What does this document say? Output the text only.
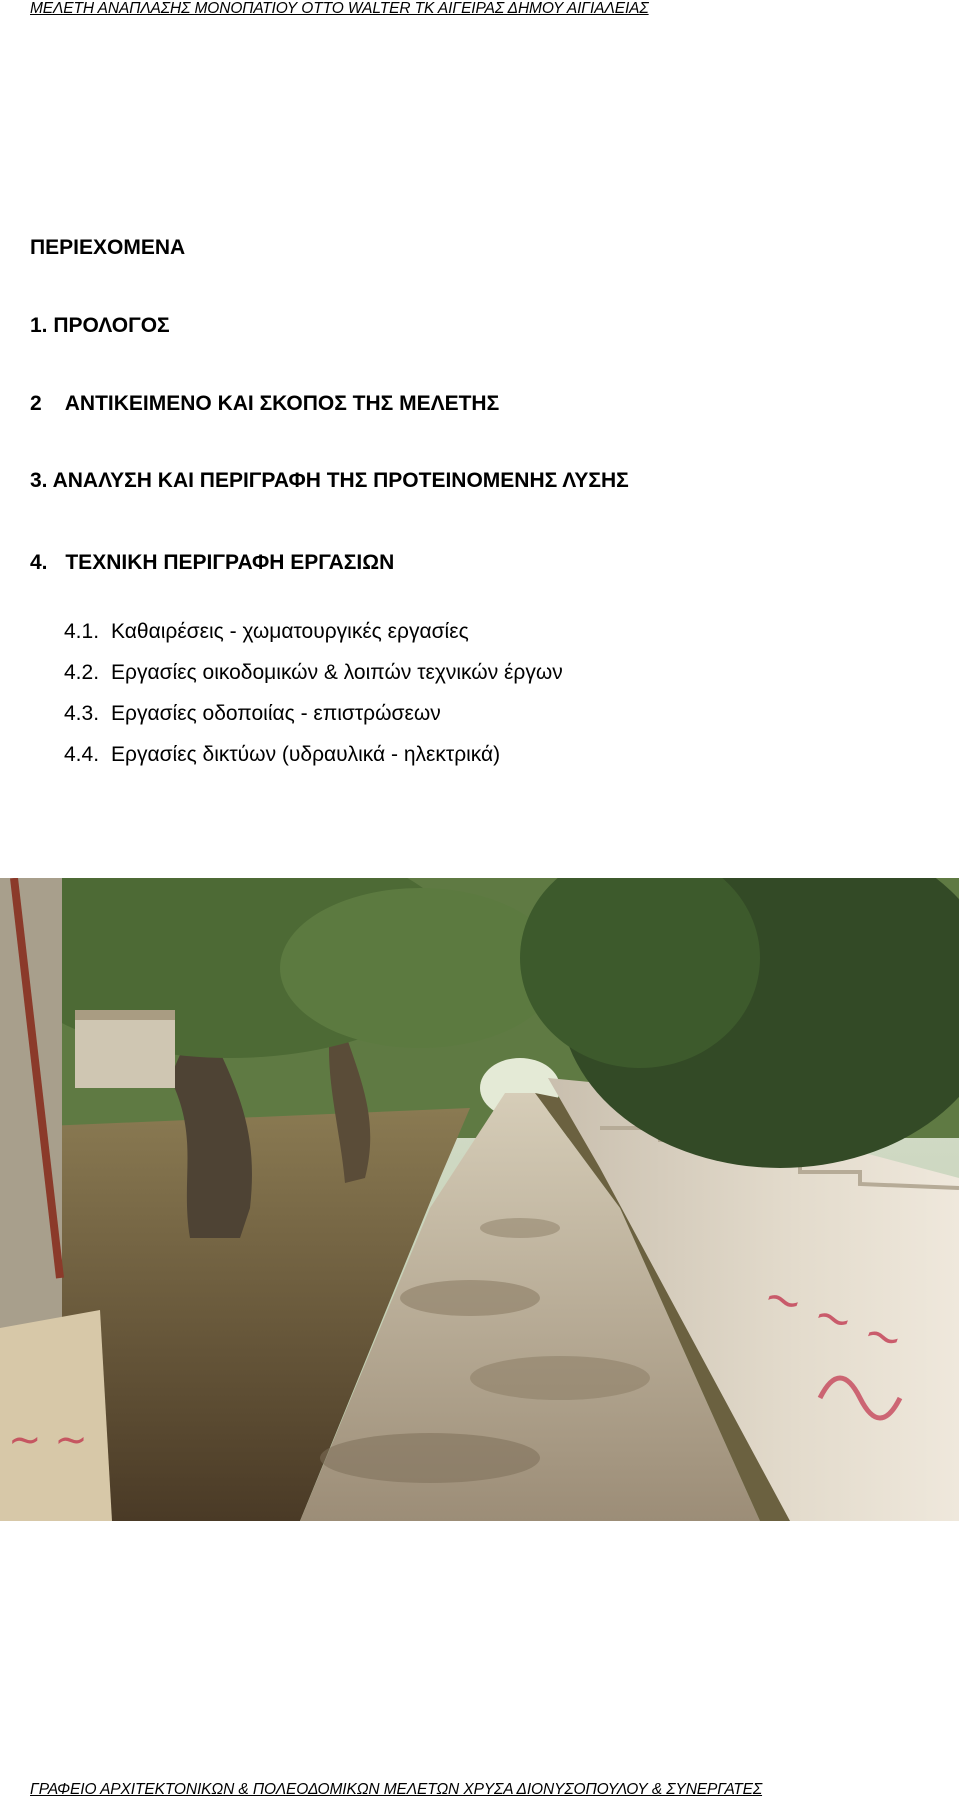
ΜΕΛΕΤΗ ΑΝΑΠΛΑΣΗΣ ΜΟΝΟΠΑΤΙΟΥ OTTO WALTER ΤΚ ΑΙΓΕΙΡΑΣ ΔΗΜΟΥ ΑΙΓΙΑΛΕΙΑΣ
ΠΕΡΙΕΧΟΜΕΝΑ
1. ΠΡΟΛΟΓΟΣ
2 ΑΝΤΙΚΕΙΜΕΝΟ ΚΑΙ ΣΚΟΠΟΣ ΤΗΣ ΜΕΛΕΤΗΣ
3. ΑΝΑΛΥΣΗ ΚΑΙ ΠΕΡΙΓΡΑΦΗ ΤΗΣ ΠΡΟΤΕΙΝΟΜΕΝΗΣ ΛΥΣΗΣ
4. ΤΕΧΝΙΚΗ ΠΕΡΙΓΡΑΦΗ ΕΡΓΑΣΙΩΝ
4.1. Καθαιρέσεις - χωματουργικές εργασίες
4.2. Εργασίες οικοδομικών & λοιπών τεχνικών έργων
4.3. Εργασίες οδοποιίας - επιστρώσεων
4.4. Εργασίες δικτύων (υδραυλικά - ηλεκτρικά)
~ ~ ~
~ ~
ΓΡΑΦΕΙΟ ΑΡΧΙΤΕΚΤΟΝΙΚΩΝ & ΠΟΛΕΟΔΟΜΙΚΩΝ ΜΕΛΕΤΩΝ ΧΡΥΣΑ ΔΙΟΝΥΣΟΠΟΥΛΟΥ & ΣΥΝΕΡΓΑΤΕΣ
